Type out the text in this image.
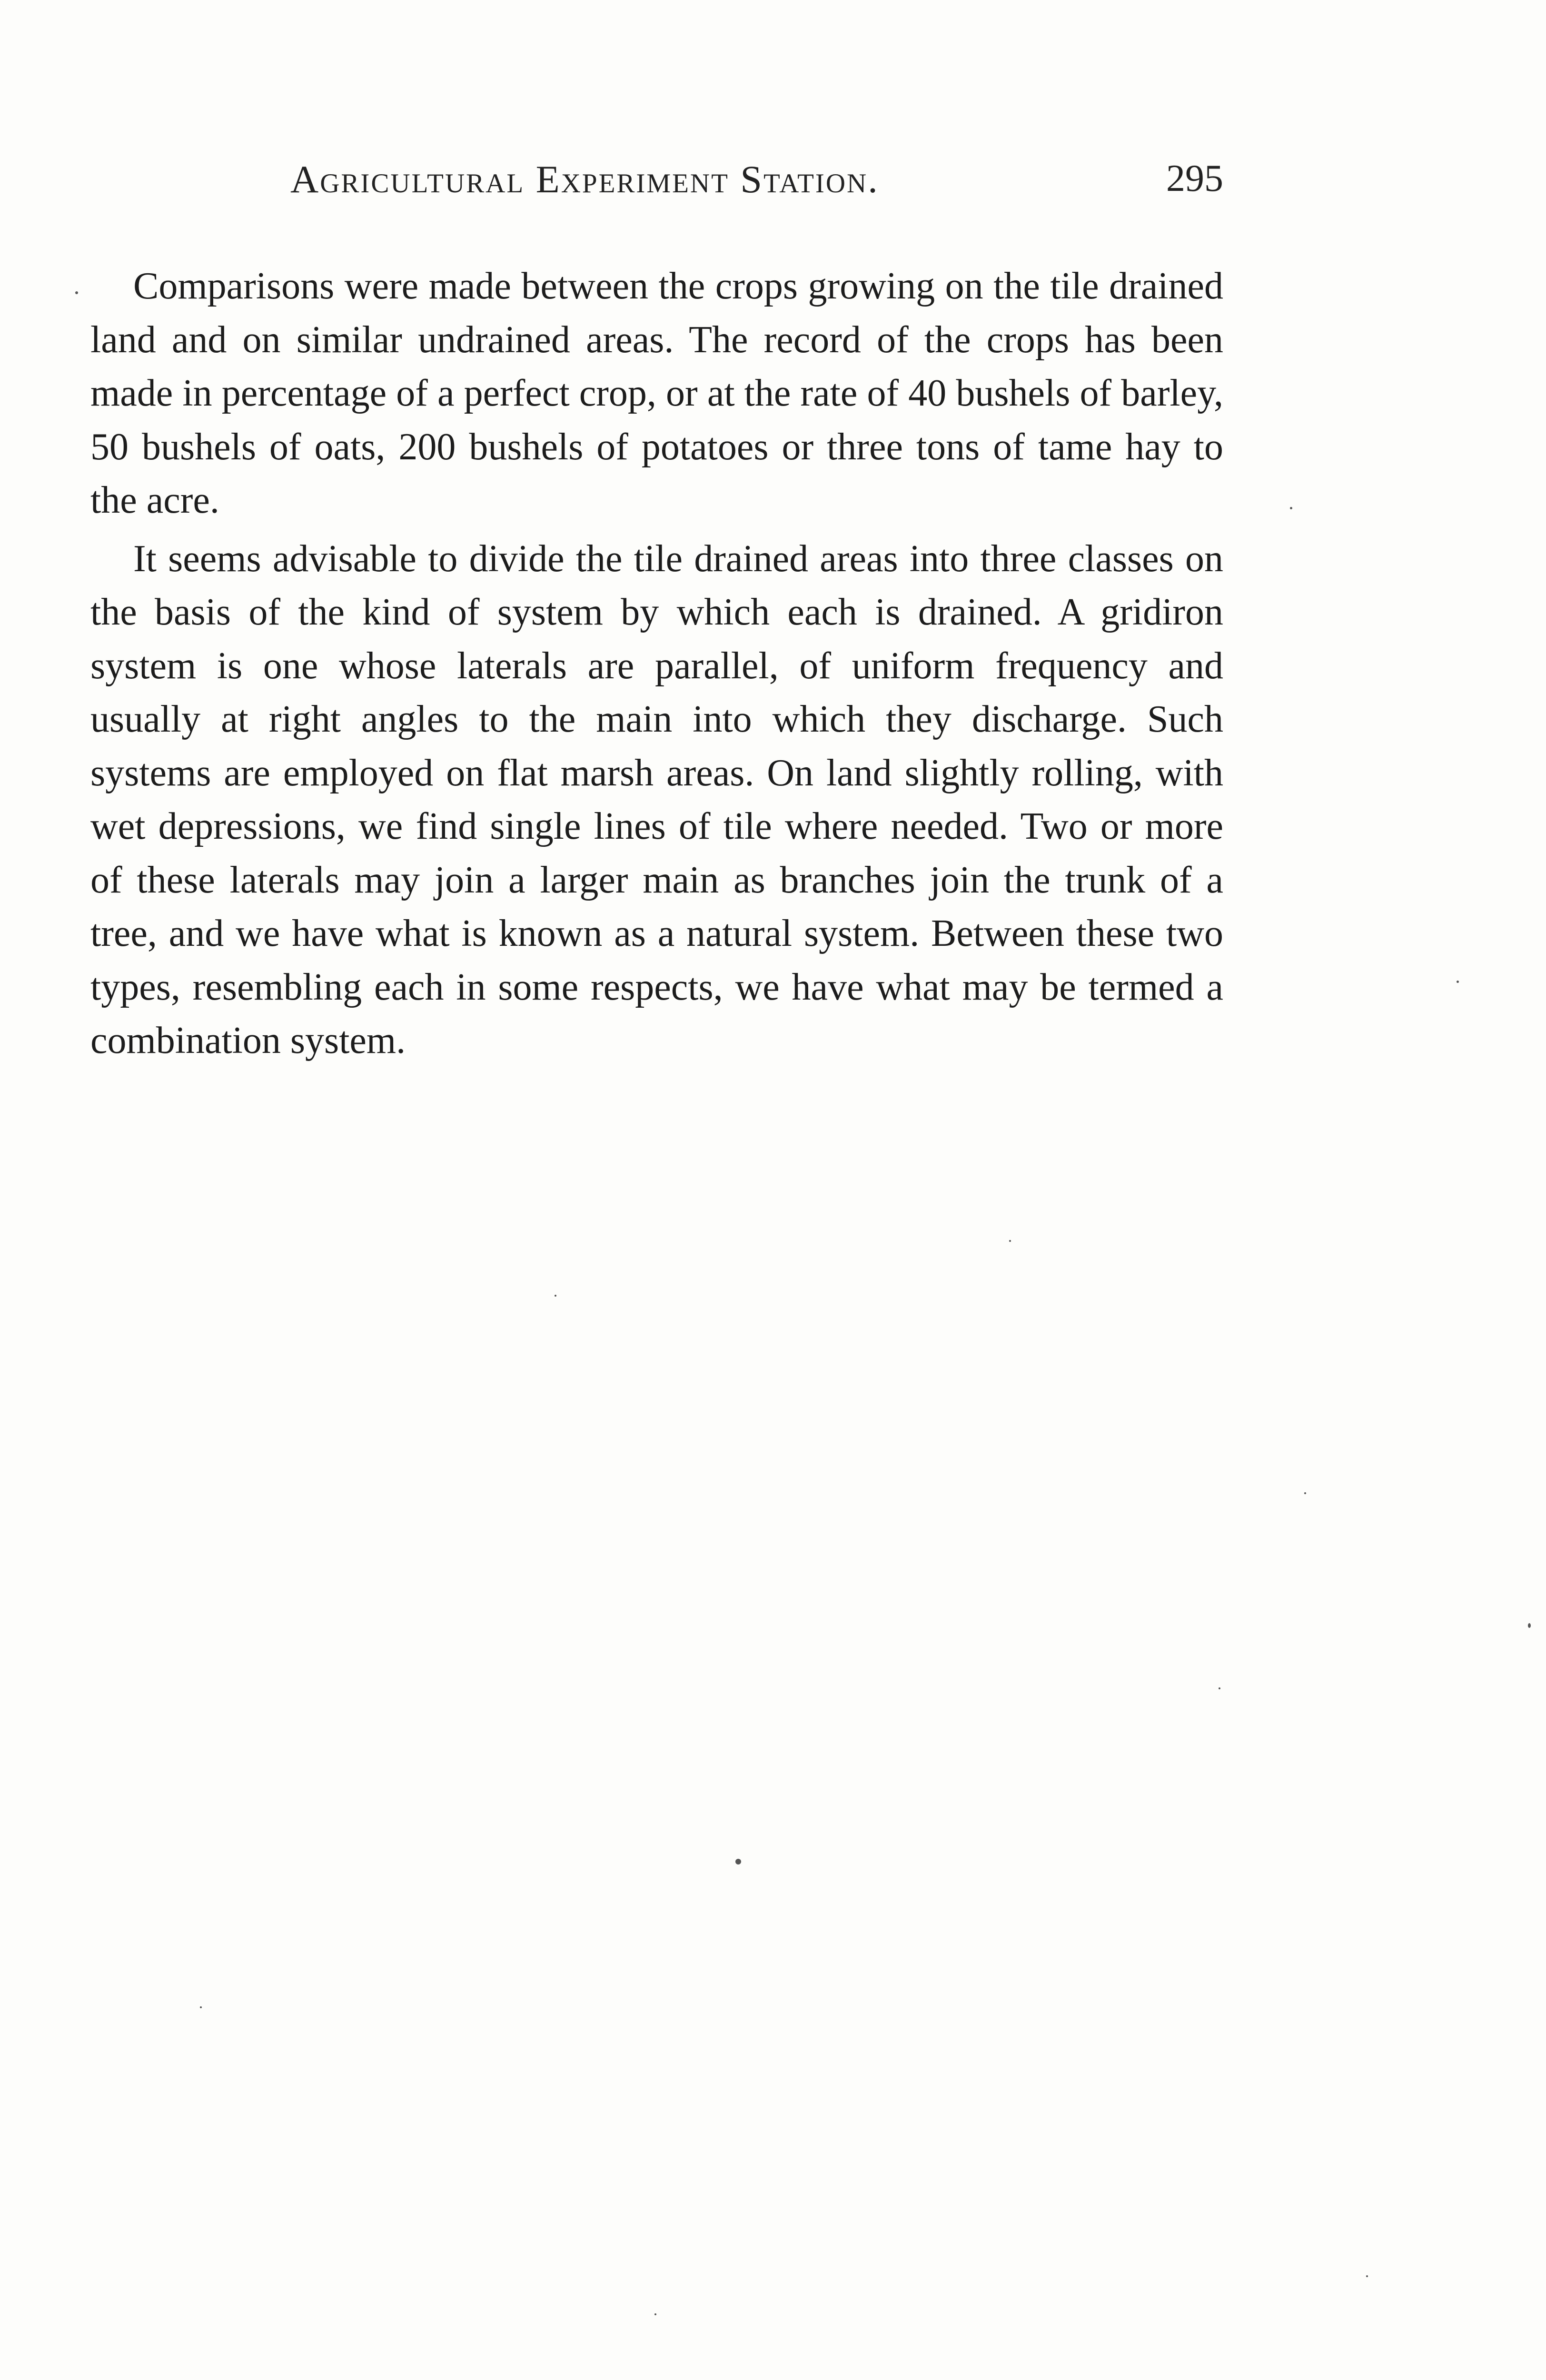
Agricultural Experiment Station.	295

Comparisons were made between the crops growing on the tile drained land and on similar undrained areas. The record of the crops has been made in percentage of a perfect crop, or at the rate of 40 bushels of barley, 50 bushels of oats, 200 bushels of potatoes or three tons of tame hay to the acre.

It seems advisable to divide the tile drained areas into three classes on the basis of the kind of system by which each is drained. A gridiron system is one whose laterals are parallel, of uniform frequency and usually at right angles to the main into which they discharge. Such systems are employed on flat marsh areas. On land slightly rolling, with wet depressions, we find single lines of tile where needed. Two or more of these laterals may join a larger main as branches join the trunk of a tree, and we have what is known as a natural system. Between these two types, resembling each in some respects, we have what may be termed a combination system.
